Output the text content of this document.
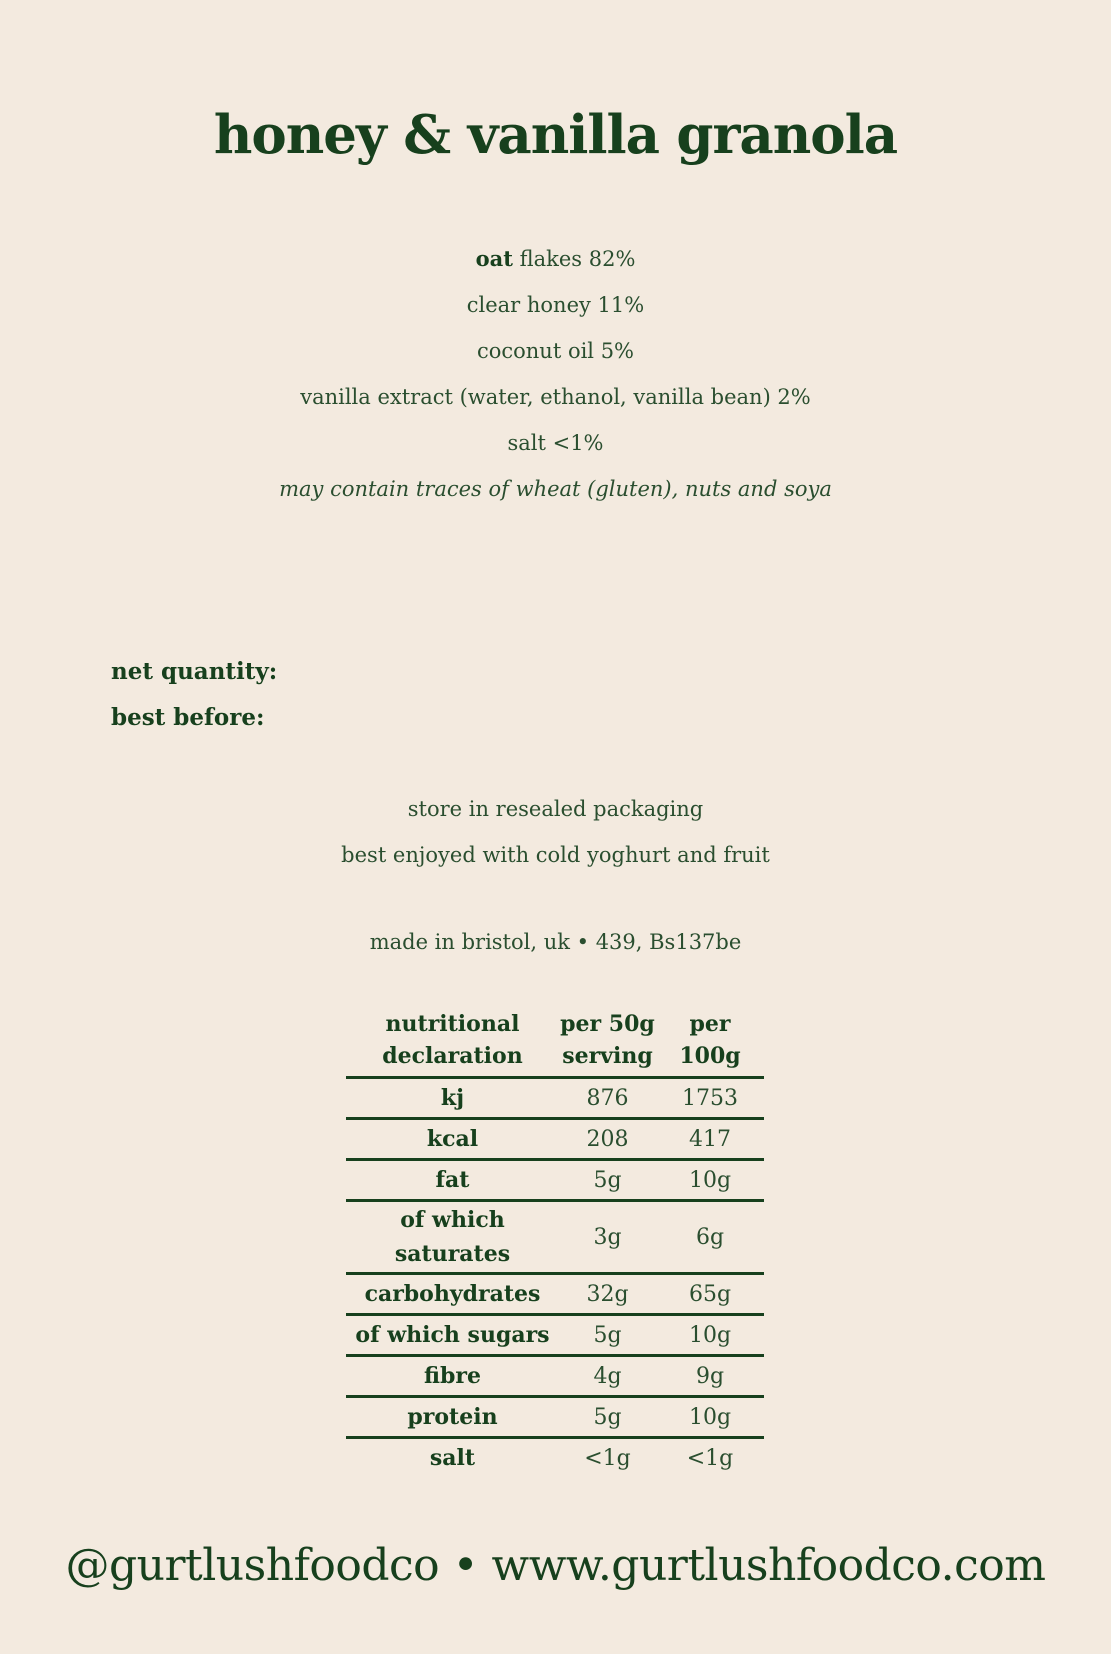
honey & vanilla granola
oat flakes 82%
clear honey 11%
coconut oil 5%
vanilla extract (water, ethanol, vanilla bean) 2%
salt <1%
may contain traces of wheat (gluten), nuts and soya
net quantity:
best before:
store in resealed packaging
best enjoyed with cold yoghurt and fruit
made in bristol, uk • 439, Bs137be
nutritional declaration	per 50g serving	per 100g
kj	876	1753
kcal	208	417
fat	5g	10g
of which saturates	3g	6g
carbohydrates	32g	65g
of which sugars	5g	10g
fibre	4g	9g
protein	5g	10g
salt	<1g	<1g
@gurtlushfoodco • www.gurtlushfoodco.com
